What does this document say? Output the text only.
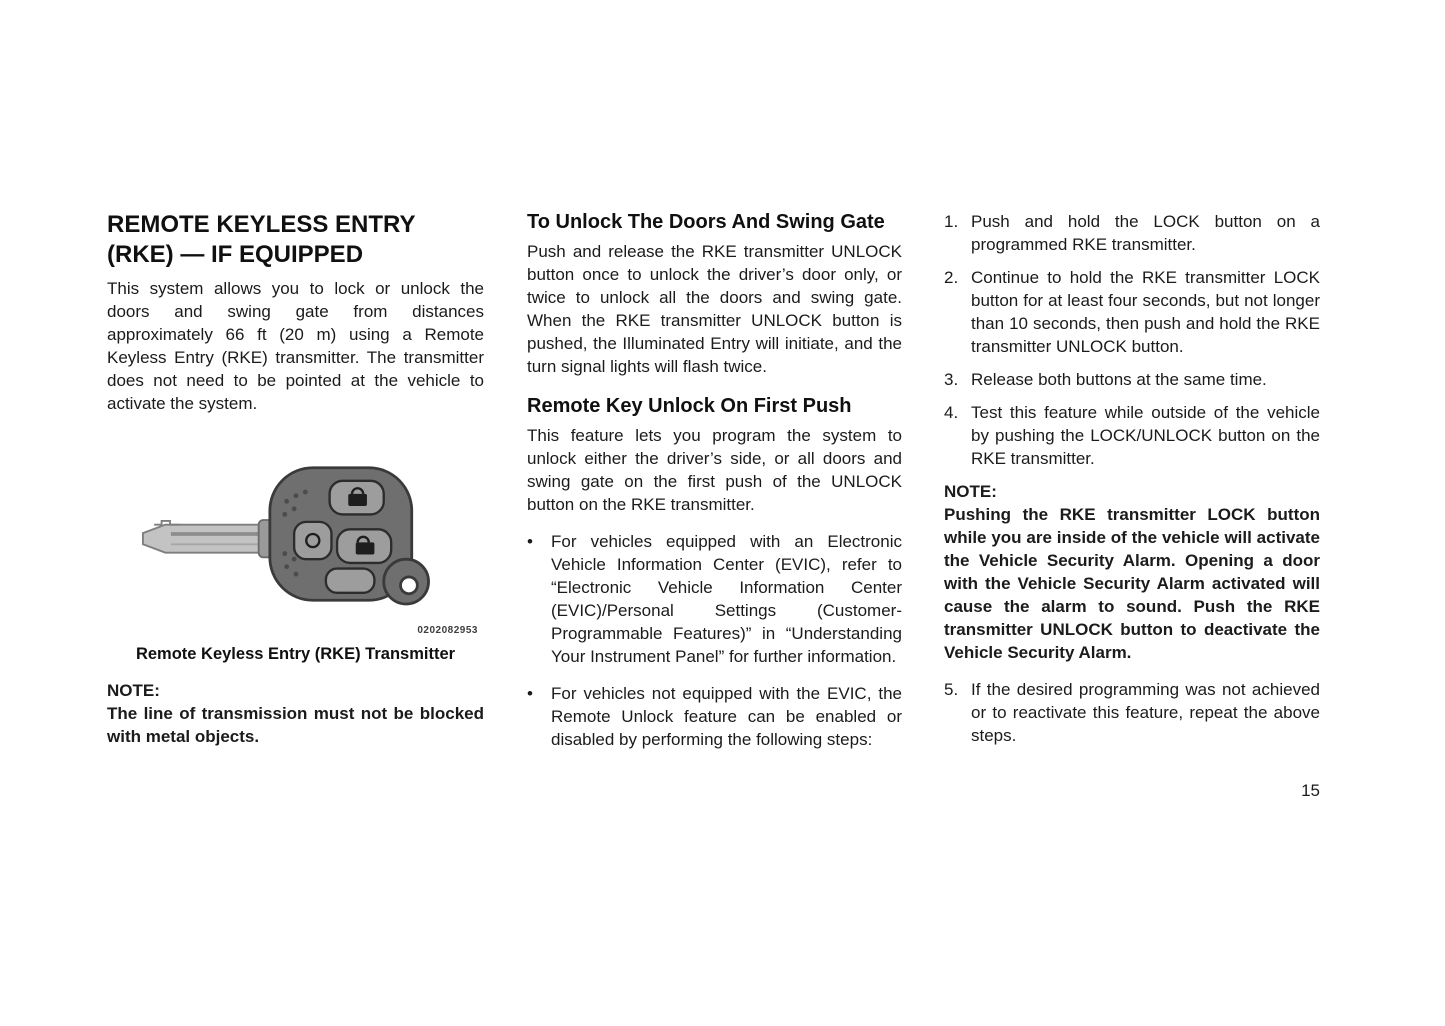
REMOTE KEYLESS ENTRY (RKE) — IF EQUIPPED

This system allows you to lock or unlock the doors and swing gate from distances approximately 66 ft (20 m) using a Remote Keyless Entry (RKE) transmitter. The transmitter does not need to be pointed at the vehicle to activate the system.

0202082953
Remote Keyless Entry (RKE) Transmitter
NOTE:

The line of transmission must not be blocked with metal objects.

To Unlock The Doors And Swing Gate

Push and release the RKE transmitter UNLOCK button once to unlock the driver’s door only, or twice to unlock all the doors and swing gate. When the RKE transmitter UNLOCK button is pushed, the Illuminated Entry will initiate, and the turn signal lights will flash twice.

Remote Key Unlock On First Push

This feature lets you program the system to unlock either the driver’s side, or all doors and swing gate on the first push of the UNLOCK button on the RKE transmitter.

•	For vehicles equipped with an Electronic Vehicle Information Center (EVIC), refer to “Electronic Vehicle Information Center (EVIC)/Personal Settings (Customer-Programmable Features)” in “Understanding Your Instrument Panel” for further information.
•	For vehicles not equipped with the EVIC, the Remote Unlock feature can be enabled or disabled by performing the following steps:
1. Push and hold the LOCK button on a programmed RKE transmitter.
2. Continue to hold the RKE transmitter LOCK button for at least four seconds, but not longer than 10 seconds, then push and hold the RKE transmitter UNLOCK button.
3. Release both buttons at the same time.
4. Test this feature while outside of the vehicle by pushing the LOCK/UNLOCK button on the RKE transmitter.
NOTE:

Pushing the RKE transmitter LOCK button while you are inside of the vehicle will activate the Vehicle Security Alarm. Opening a door with the Vehicle Security Alarm activated will cause the alarm to sound. Push the RKE transmitter UNLOCK button to deactivate the Vehicle Security Alarm.

5. If the desired programming was not achieved or to reactivate this feature, repeat the above steps.
15
